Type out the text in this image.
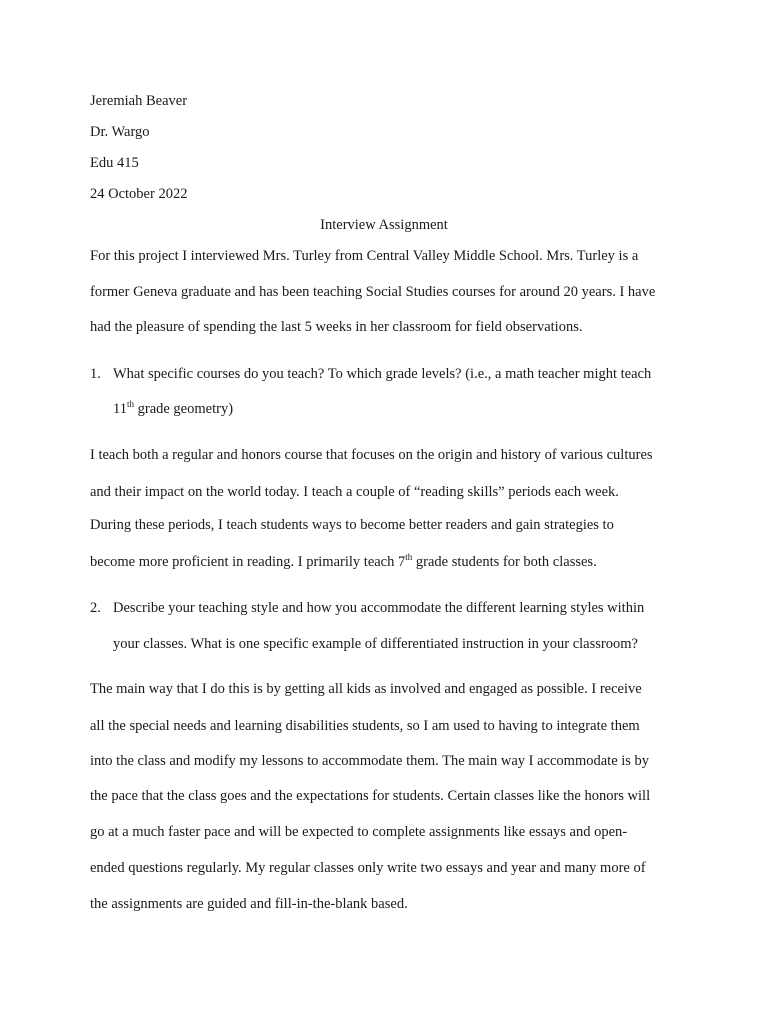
Jeremiah Beaver
Dr. Wargo
Edu 415
24 October 2022
Interview Assignment
For this project I interviewed Mrs. Turley from Central Valley Middle School. Mrs. Turley is a
former Geneva graduate and has been teaching Social Studies courses for around 20 years. I have
had the pleasure of spending the last 5 weeks in her classroom for field observations.
1. What specific courses do you teach? To which grade levels? (i.e., a math teacher might teach
11th grade geometry)
I teach both a regular and honors course that focuses on the origin and history of various cultures
and their impact on the world today. I teach a couple of “reading skills” periods each week.
During these periods, I teach students ways to become better readers and gain strategies to
become more proficient in reading. I primarily teach 7th grade students for both classes.
2. Describe your teaching style and how you accommodate the different learning styles within
your classes. What is one specific example of differentiated instruction in your classroom?
The main way that I do this is by getting all kids as involved and engaged as possible. I receive
all the special needs and learning disabilities students, so I am used to having to integrate them
into the class and modify my lessons to accommodate them. The main way I accommodate is by
the pace that the class goes and the expectations for students. Certain classes like the honors will
go at a much faster pace and will be expected to complete assignments like essays and open-
ended questions regularly. My regular classes only write two essays and year and many more of
the assignments are guided and fill-in-the-blank based.
